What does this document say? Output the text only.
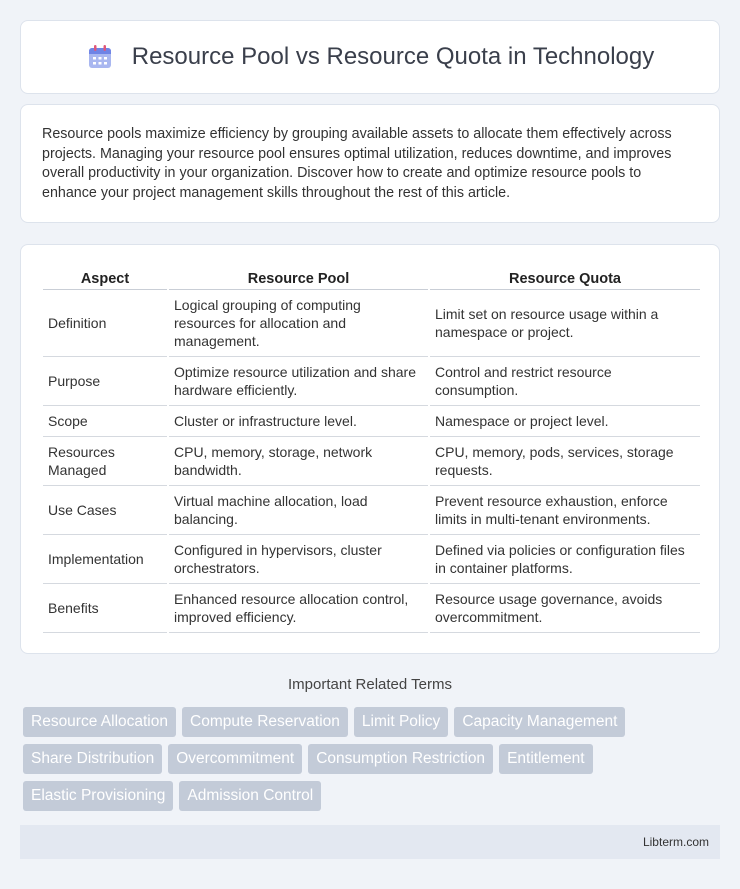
Resource Pool vs Resource Quota in Technology

Resource pools maximize efficiency by grouping available assets to allocate them effectively across projects. Managing your resource pool ensures optimal utilization, reduces downtime, and improves overall productivity in your organization. Discover how to create and optimize resource pools to enhance your project management skills throughout the rest of this article.

Aspect	Resource Pool	Resource Quota
Definition	Logical grouping of computing resources for allocation and management.	Limit set on resource usage within a namespace or project.
Purpose	Optimize resource utilization and share hardware efficiently.	Control and restrict resource consumption.
Scope	Cluster or infrastructure level.	Namespace or project level.
Resources Managed	CPU, memory, storage, network bandwidth.	CPU, memory, pods, services, storage requests.
Use Cases	Virtual machine allocation, load balancing.	Prevent resource exhaustion, enforce limits in multi-tenant environments.
Implementation	Configured in hypervisors, cluster orchestrators.	Defined via policies or configuration files in container platforms.
Benefits	Enhanced resource allocation control, improved efficiency.	Resource usage governance, avoids overcommitment.
Important Related Terms
Resource Allocation	Compute Reservation	Limit Policy	Capacity Management
Share Distribution	Overcommitment	Consumption Restriction	Entitlement
Elastic Provisioning	Admission Control
Libterm.com
